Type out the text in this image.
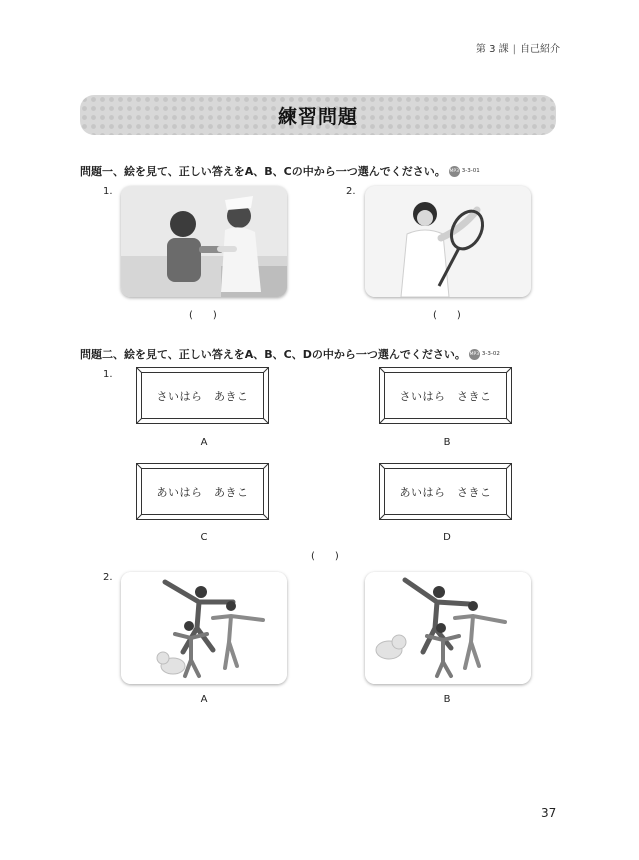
第 3 課 | 自己紹介
練習問題
問題一、絵を見て、正しい答えをA、B、Cの中から一つ選んでください。 MP3 3-3-01
1.	2.
(　　)	(　　)
問題二、絵を見て、正しい答えをA、B、C、Dの中から一つ選んでください。 MP3 3-3-02
1.
さいはら　あきこ	さいはら　さきこ
A	B
あいはら　あきこ	あいはら　さきこ
C	D
(　　)
2.
A	B
37
